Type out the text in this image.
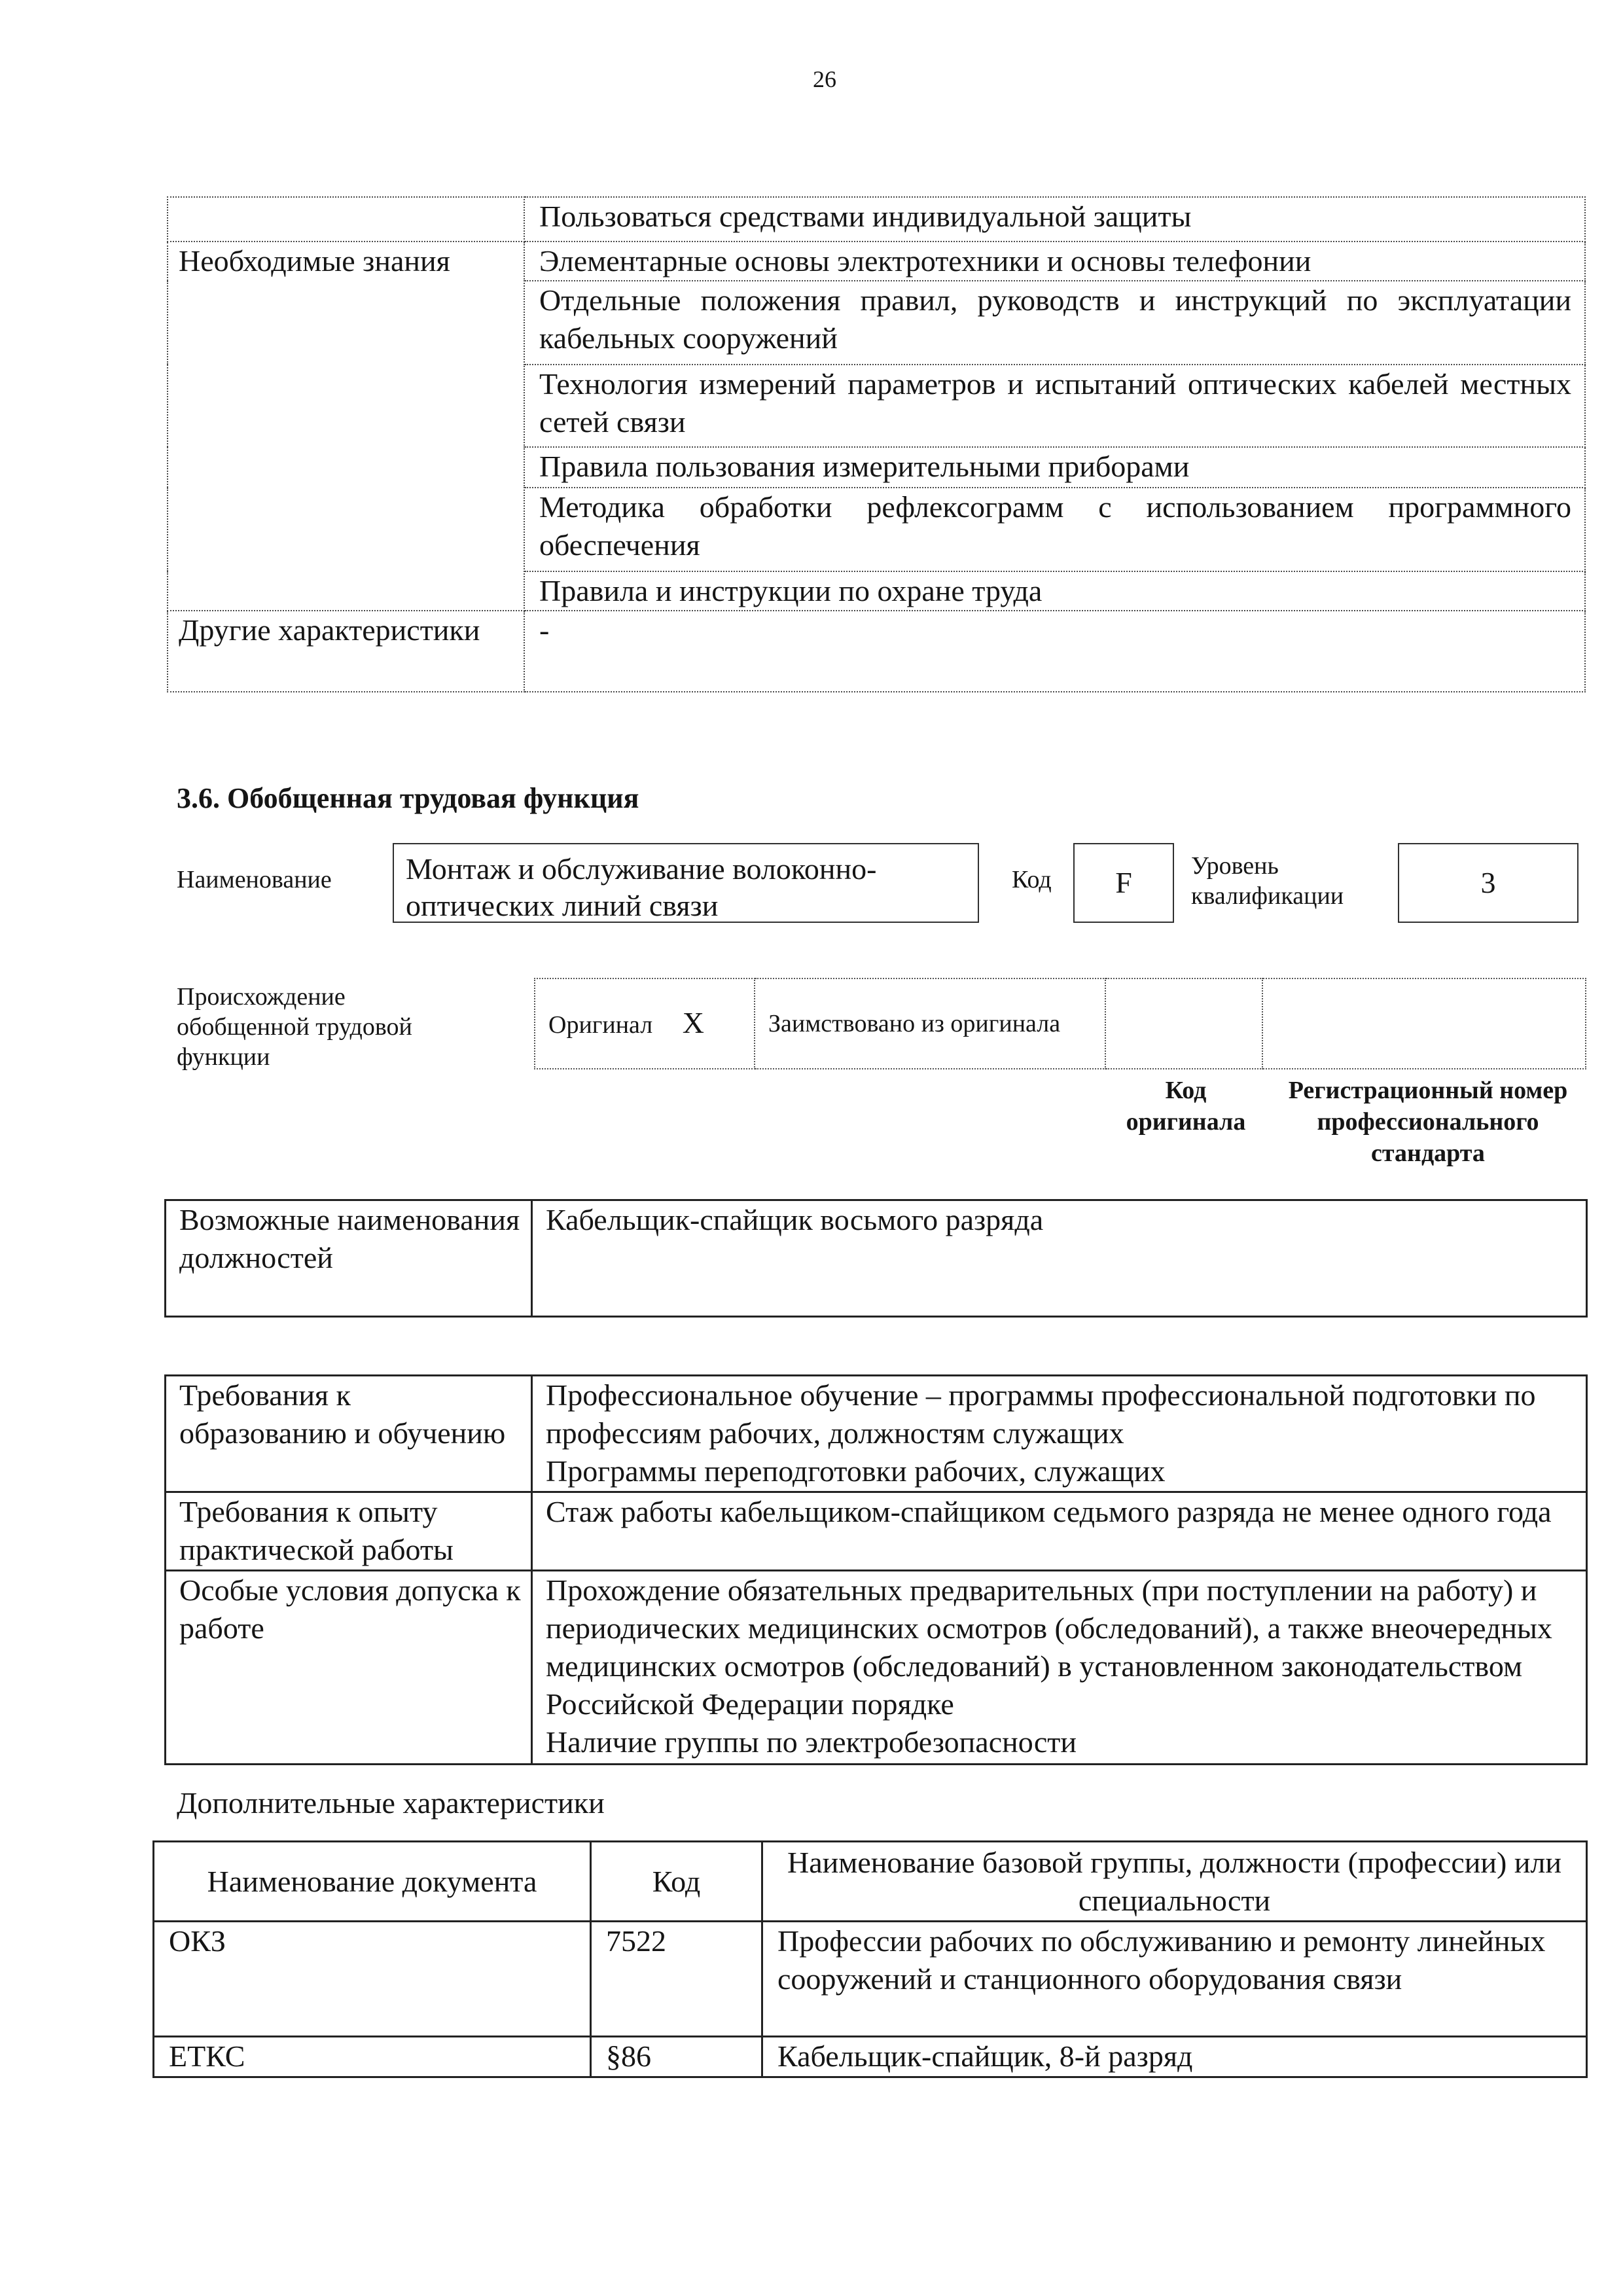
26
	Пользоваться средствами индивидуальной защиты
Необходимые знания	Элементарные основы электротехники и основы телефонии
	Отдельные положения правил, руководств и инструкций по эксплуатации кабельных сооружений
	Технология измерений параметров и испытаний оптических кабелей местных сетей связи
	Правила пользования измерительными приборами
	Методика обработки рефлексограмм с использованием программного обеспечения
	Правила и инструкции по охране труда
Другие характеристики	-
3.6. Обобщенная трудовая функция
Наименование	Монтаж и обслуживание волоконно-оптических линий связи
Код	F	Уровень квалификации	3
Происхождение обобщенной трудовой функции
Оригинал X	Заимствовано из оригинала		
Код оригинала
Регистрационный номер профессионального стандарта
Возможные наименования должностей	Кабельщик-спайщик восьмого разряда
Требования к образованию и обучению	Профессиональное обучение – программы профессиональной подготовки по профессиям рабочих, должностям служащих
Программы переподготовки рабочих, служащих

Требования к опыту практической работы	Стаж работы кабельщиком-спайщиком седьмого разряда не менее одного года
Особые условия допуска к работе	Прохождение обязательных предварительных (при поступлении на работу) и периодических медицинских осмотров (обследований), а также внеочередных медицинских осмотров (обследований) в установленном законодательством Российской Федерации порядке
Наличие группы по электробезопасности
Дополнительные характеристики
Наименование документа	Код	Наименование базовой группы, должности (профессии) или специальности
ОКЗ	7522	Профессии рабочих по обслуживанию и ремонту линейных сооружений и станционного оборудования связи
ЕТКС	§86	Кабельщик-спайщик, 8-й разряд
